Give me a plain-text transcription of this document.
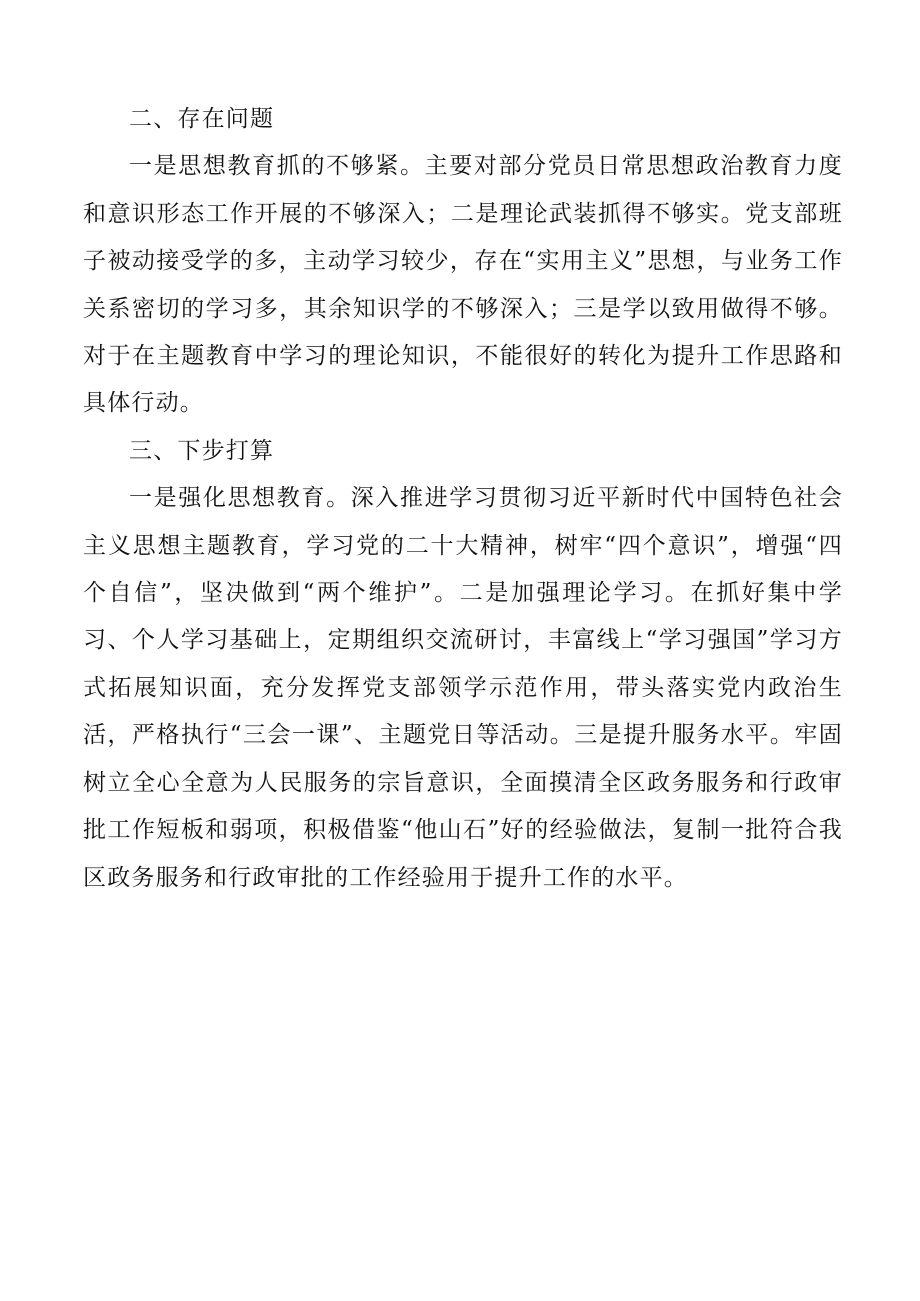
二、存在问题

一是思想教育抓的不够紧。主要对部分党员日常思想政治教育力度和意识形态工作开展的不够深入；二是理论武装抓得不够实。党支部班子被动接受学的多，主动学习较少，存在“实用主义”思想，与业务工作关系密切的学习多，其余知识学的不够深入；三是学以致用做得不够。对于在主题教育中学习的理论知识，不能很好的转化为提升工作思路和具体行动。

三、下步打算

一是强化思想教育。深入推进学习贯彻习近平新时代中国特色社会主义思想主题教育，学习党的二十大精神，树牢“四个意识”，增强“四个自信”，坚决做到“两个维护”。二是加强理论学习。在抓好集中学习、个人学习基础上，定期组织交流研讨，丰富线上“学习强国”学习方式拓展知识面，充分发挥党支部领学示范作用，带头落实党内政治生活，严格执行“三会一课”、主题党日等活动。三是提升服务水平。牢固树立全心全意为人民服务的宗旨意识，全面摸清全区政务服务和行政审批工作短板和弱项，积极借鉴“他山石”好的经验做法，复制一批符合我区政务服务和行政审批的工作经验用于提升工作的水平。
